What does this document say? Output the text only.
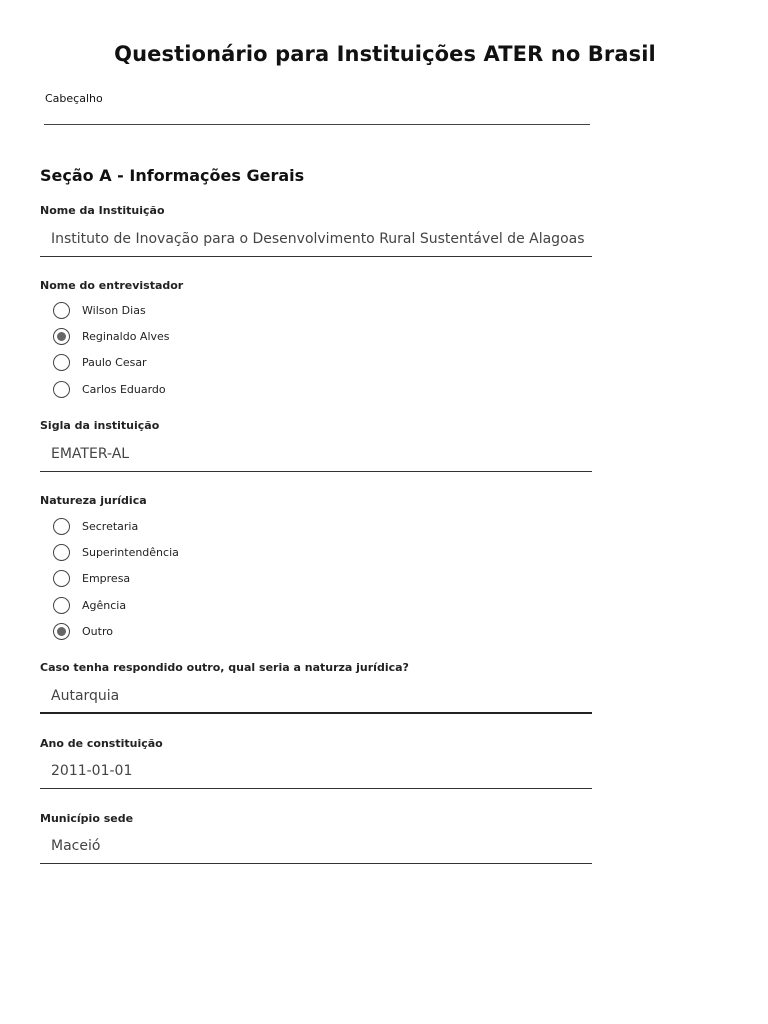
Questionário para Instituições ATER no Brasil
Cabeçalho
Seção A - Informações Gerais
Nome da Instituição
Instituto de Inovação para o Desenvolvimento Rural Sustentável de Alagoas
Nome do entrevistador
Wilson Dias
Reginaldo Alves
Paulo Cesar
Carlos Eduardo
Sigla da instituição
EMATER-AL
Natureza jurídica
Secretaria
Superintendência
Empresa
Agência
Outro
Caso tenha respondido outro, qual seria a naturza jurídica?
Autarquia
Ano de constituição
2011-01-01
Município sede
Maceió
